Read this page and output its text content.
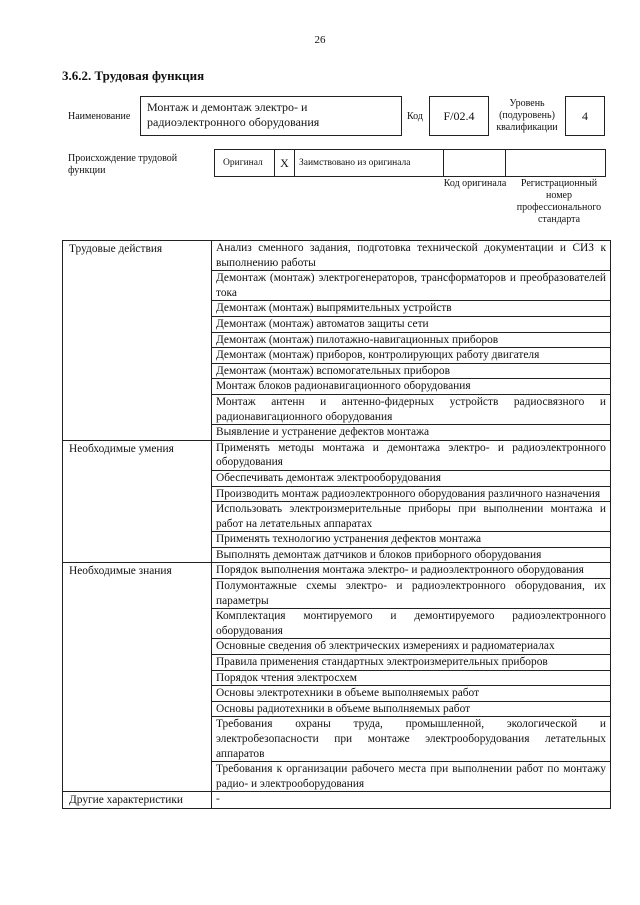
26
3.6.2. Трудовая функция
Наименование
Монтаж и демонтаж электро- и радиоэлектронного оборудования	Код F/02.4
Уровень (подуровень) квалификации
4
Происхождение трудовой функции
Оригинал	X	Заимствовано из оригинала
Код оригинала	Регистрационный номер профессионального стандарта
Трудовые действия	Анализ сменного задания, подготовка технической документации и СИЗ к выполнению работы
	Демонтаж (монтаж) электрогенераторов, трансформаторов и преобразователей тока
	Демонтаж (монтаж) выпрямительных устройств
	Демонтаж (монтаж) автоматов защиты сети
	Демонтаж (монтаж) пилотажно-навигационных приборов
	Демонтаж (монтаж) приборов, контролирующих работу двигателя
	Демонтаж (монтаж) вспомогательных приборов
	Монтаж блоков радионавигационного оборудования
	Монтаж антенн и антенно-фидерных устройств радиосвязного и радионавигационного оборудования
	Выявление и устранение дефектов монтажа
Необходимые умения	Применять методы монтажа и демонтажа электро- и радиоэлектронного оборудования
	Обеспечивать демонтаж электрооборудования
	Производить монтаж радиоэлектронного оборудования различного назначения
	Использовать электроизмерительные приборы при выполнении монтажа и работ на летательных аппаратах
	Применять технологию устранения дефектов монтажа
	Выполнять демонтаж датчиков и блоков приборного оборудования
Необходимые знания	Порядок выполнения монтажа электро- и радиоэлектронного оборудования
	Полумонтажные схемы электро- и радиоэлектронного оборудования, их параметры
	Комплектация монтируемого и демонтируемого радиоэлектронного оборудования
	Основные сведения об электрических измерениях и радиоматериалах
	Правила применения стандартных электроизмерительных приборов
	Порядок чтения электросхем
	Основы электротехники в объеме выполняемых работ
	Основы радиотехники в объеме выполняемых работ
	Требования охраны труда, промышленной, экологической и электробезопасности при монтаже электрооборудования летательных аппаратов
	Требования к организации рабочего места при выполнении работ по монтажу радио- и электрооборудования
Другие характеристики	-
